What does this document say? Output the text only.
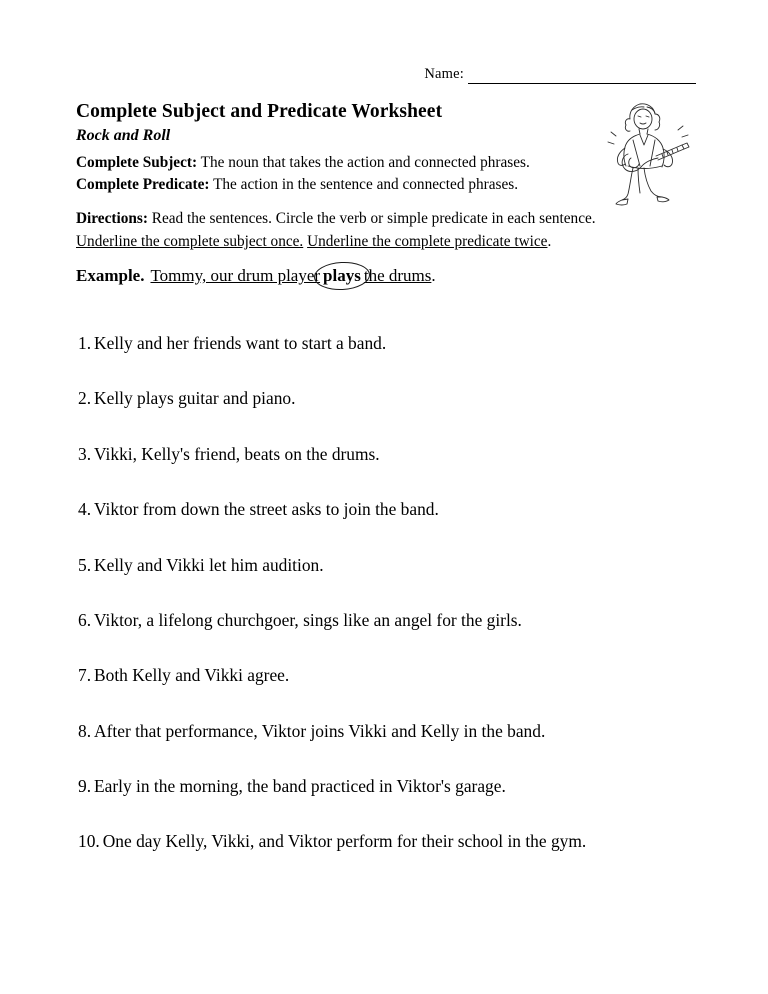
Name:
Complete Subject and Predicate Worksheet
Rock and Roll
Complete Subject: The noun that takes the action and connected phrases.
Complete Predicate: The action in the sentence and connected phrases.
Directions: Read the sentences. Circle the verb or simple predicate in each sentence.
Underline the complete subject once. Underline the complete predicate twice.
Example. Tommy, our drum player plays the drums.
1. Kelly and her friends want to start a band.
2. Kelly plays guitar and piano.
3. Vikki, Kelly's friend, beats on the drums.
4. Viktor from down the street asks to join the band.
5. Kelly and Vikki let him audition.
6. Viktor, a lifelong churchgoer, sings like an angel for the girls.
7. Both Kelly and Vikki agree.
8. After that performance, Viktor joins Vikki and Kelly in the band.
9. Early in the morning, the band practiced in Viktor's garage.
10. One day Kelly, Vikki, and Viktor perform for their school in the gym.
